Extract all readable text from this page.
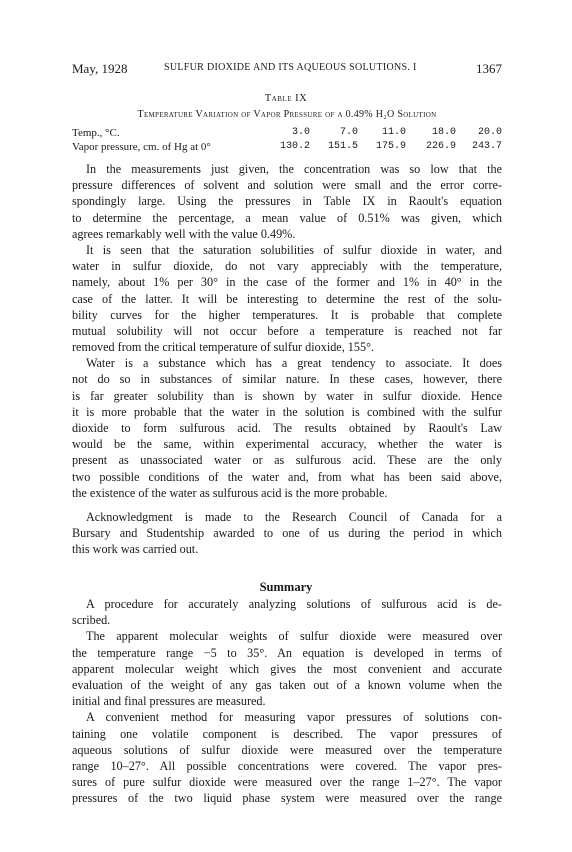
May, 1928	SULFUR DIOXIDE AND ITS AQUEOUS SOLUTIONS. I	1367
Table IX
Temperature Variation of Vapor Pressure of a 0.49% H₂O Solution
Temp., °C.	3.0	7.0	11.0	18.0	20.0
Vapor pressure, cm. of Hg at 0°	130.2	151.5	175.9	226.9	243.7
In the measurements just given, the concentration was so low that the
pressure differences of solvent and solution were small and the error corre-
spondingly large. Using the pressures in Table IX in Raoult's equation
to determine the percentage, a mean value of 0.51% was given, which
agrees remarkably well with the value 0.49%.
It is seen that the saturation solubilities of sulfur dioxide in water, and
water in sulfur dioxide, do not vary appreciably with the temperature,
namely, about 1% per 30° in the case of the former and 1% in 40° in the
case of the latter. It will be interesting to determine the rest of the solu-
bility curves for the higher temperatures. It is probable that complete
mutual solubility will not occur before a temperature is reached not far
removed from the critical temperature of sulfur dioxide, 155°.
Water is a substance which has a great tendency to associate. It does
not do so in substances of similar nature. In these cases, however, there
is far greater solubility than is shown by water in sulfur dioxide. Hence
it is more probable that the water in the solution is combined with the sulfur
dioxide to form sulfurous acid. The results obtained by Raoult's Law
would be the same, within experimental accuracy, whether the water is
present as unassociated water or as sulfurous acid. These are the only
two possible conditions of the water and, from what has been said above,
the existence of the water as sulfurous acid is the more probable.
Acknowledgment is made to the Research Council of Canada for a
Bursary and Studentship awarded to one of us during the period in which
this work was carried out.
Summary
A procedure for accurately analyzing solutions of sulfurous acid is de-
scribed.
The apparent molecular weights of sulfur dioxide were measured over
the temperature range −5 to 35°. An equation is developed in terms of
apparent molecular weight which gives the most convenient and accurate
evaluation of the weight of any gas taken out of a known volume when the
initial and final pressures are measured.
A convenient method for measuring vapor pressures of solutions con-
taining one volatile component is described. The vapor pressures of
aqueous solutions of sulfur dioxide were measured over the temperature
range 10–27°. All possible concentrations were covered. The vapor pres-
sures of pure sulfur dioxide were measured over the range 1–27°. The vapor
pressures of the two liquid phase system were measured over the range
